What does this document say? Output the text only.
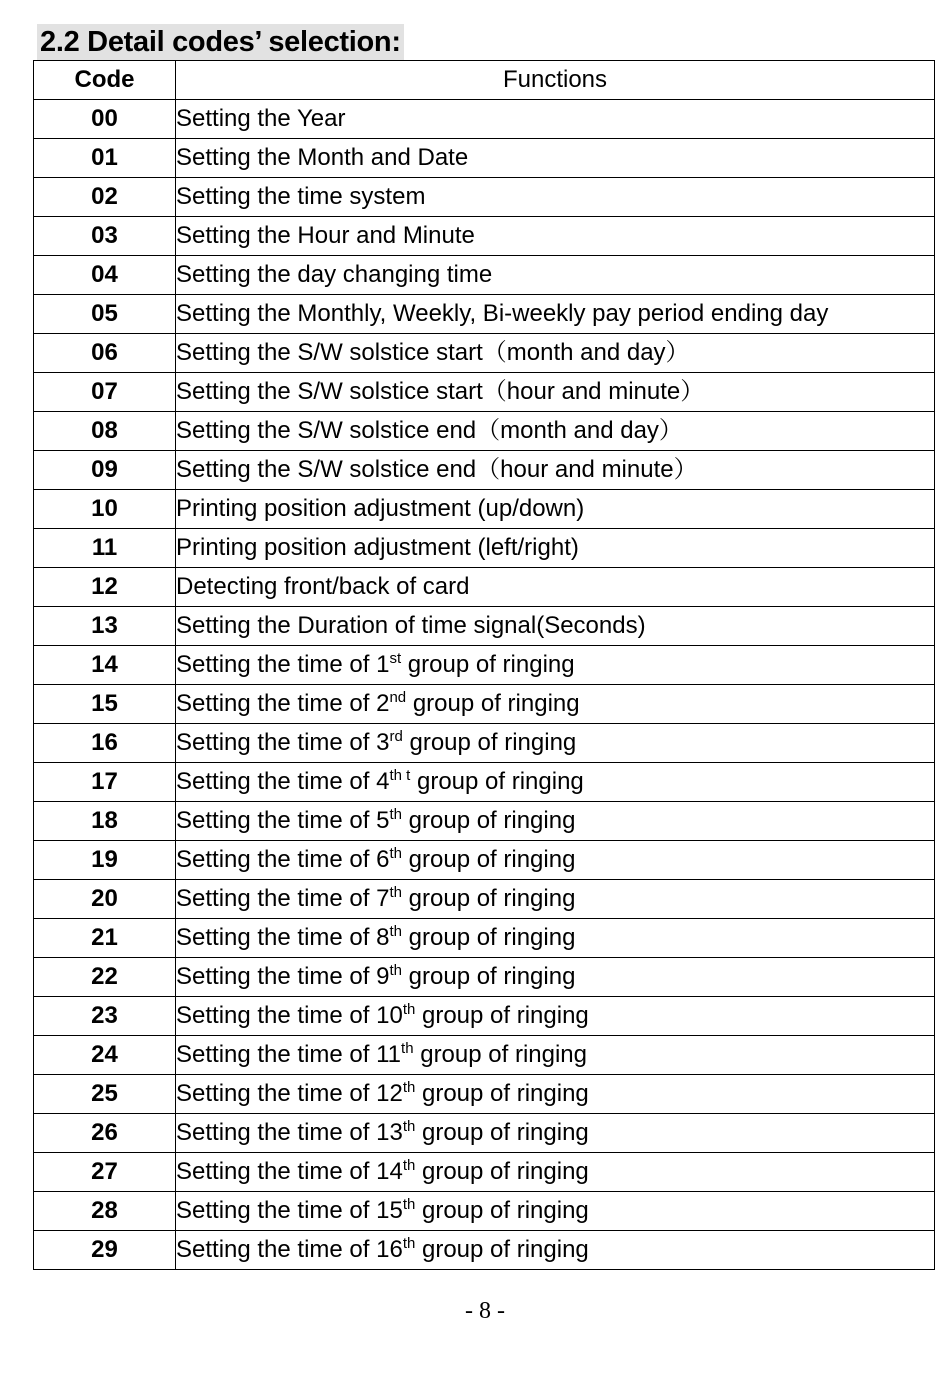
2.2 Detail codes’ selection:
Code	Functions
00	Setting the Year
01	Setting the Month and Date
02	Setting the time system
03	Setting the Hour and Minute
04	Setting the day changing time
05	Setting the Monthly, Weekly, Bi-weekly pay period ending day
06	Setting the S/W solstice start（month and day）
07	Setting the S/W solstice start（hour and minute）
08	Setting the S/W solstice end（month and day）
09	Setting the S/W solstice end（hour and minute）
10	Printing position adjustment (up/down)
11	Printing position adjustment (left/right)
12	Detecting front/back of card
13	Setting the Duration of time signal(Seconds)
14	Setting the time of 1st group of ringing
15	Setting the time of 2nd group of ringing
16	Setting the time of 3rd group of ringing
17	Setting the time of $4^{th t}$ group of ringing
18	Setting the time of 5th group of ringing
19	Setting the time of 6th group of ringing
20	Setting the time of 7th group of ringing
21	Setting the time of 8th group of ringing
22	Setting the time of 9th group of ringing
23	Setting the time of 10th group of ringing
24	Setting the time of 11th group of ringing
25	Setting the time of 12th group of ringing
26	Setting the time of 13th group of ringing
27	Setting the time of 14th group of ringing
28	Setting the time of 15th group of ringing
29	Setting the time of 16th group of ringing
- 8 -
